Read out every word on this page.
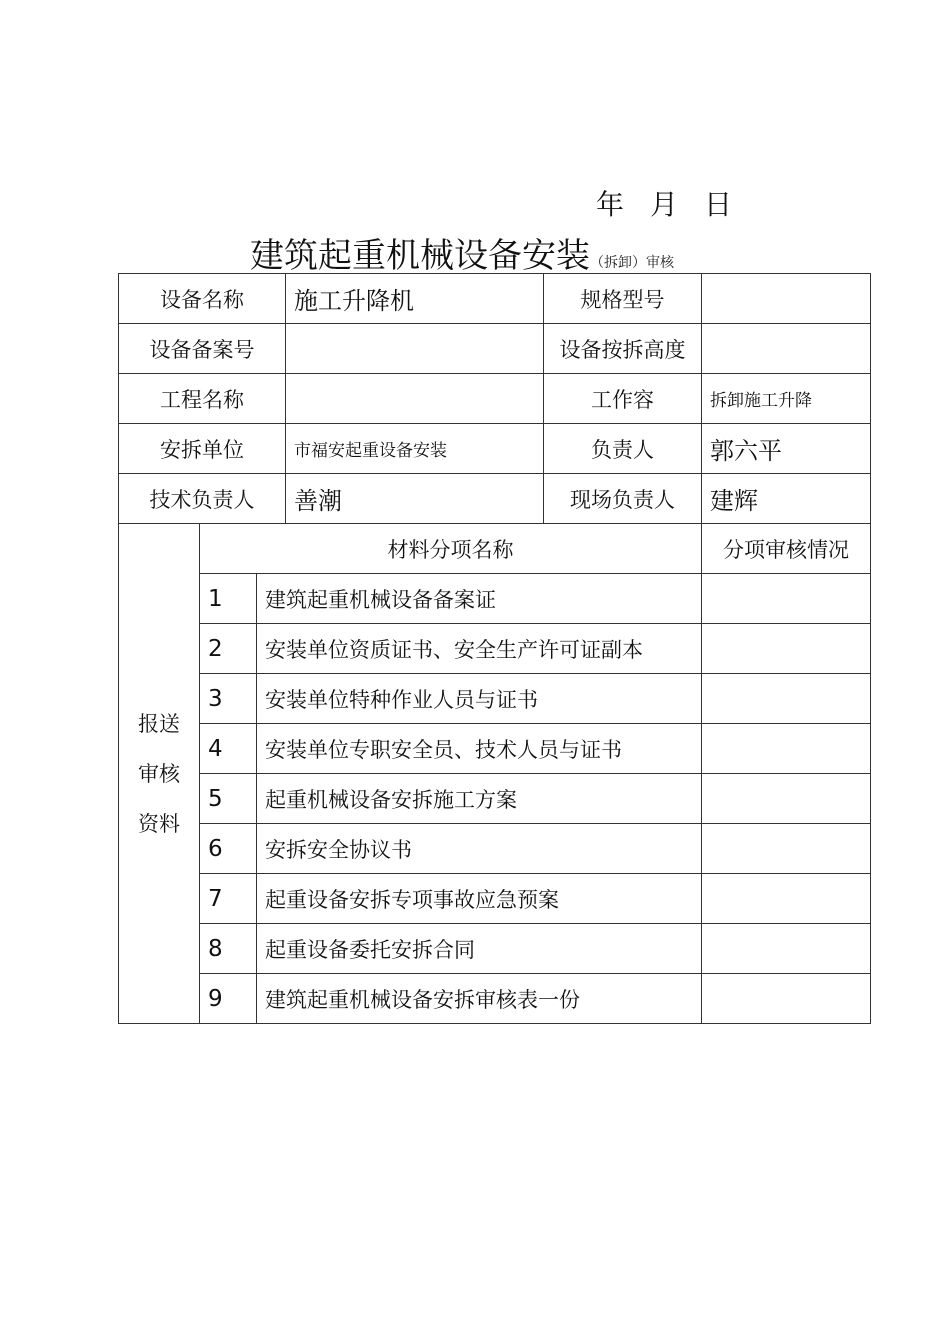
年 月 日
建筑起重机械设备安装（拆卸）审核
设备名称			施工升降机	规格型号	
设备备案号				设备按拆高度	
工程名称				工作容	拆卸施工升降
安拆单位			市福安起重设备安装	负责人	郭六平
技术负责人			善潮	现场负责人	建辉

报送
审核
资料	材料分项名称				分项审核情况
	1	建筑起重机械设备备案证			
	2	安装单位资质证书、安全生产许可证副本			
	3	安装单位特种作业人员与证书			
	4	安装单位专职安全员、技术人员与证书			
	5	起重机械设备安拆施工方案			
	6	安拆安全协议书			
	7	起重设备安拆专项事故应急预案			
	8	起重设备委托安拆合同			
	9	建筑起重机械设备安拆审核表一份			
